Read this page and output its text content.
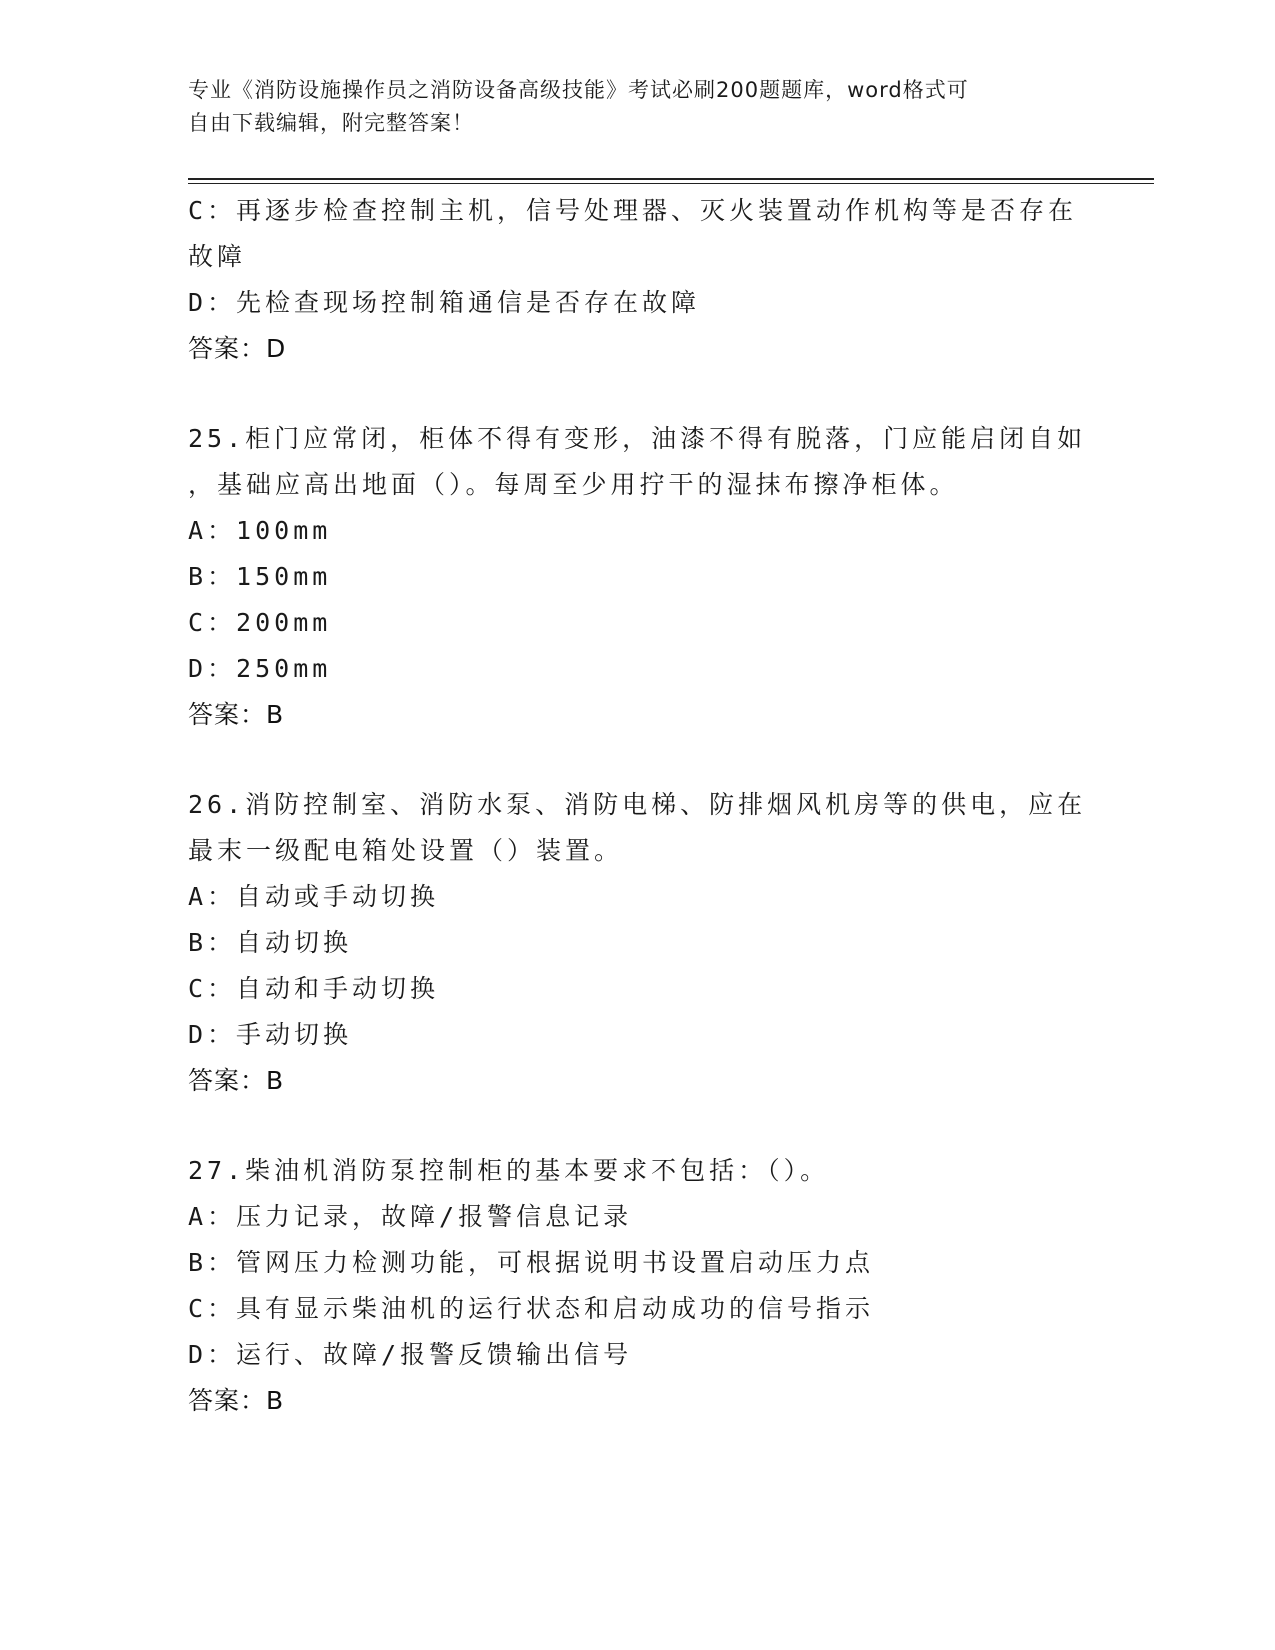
专业《消防设施操作员之消防设备高级技能》考试必刷200题题库，word格式可
自由下载编辑，附完整答案！
C：再逐步检查控制主机，信号处理器、灭火装置动作机构等是否存在
故障
D：先检查现场控制箱通信是否存在故障
答案：D
25.柜门应常闭，柜体不得有变形，油漆不得有脱落，门应能启闭自如
，基础应高出地面（）。每周至少用拧干的湿抹布擦净柜体。
A：100mm
B：150mm
C：200mm
D：250mm
答案：B
26.消防控制室、消防水泵、消防电梯、防排烟风机房等的供电，应在
最末一级配电箱处设置（）装置。
A：自动或手动切换
B：自动切换
C：自动和手动切换
D：手动切换
答案：B
27.柴油机消防泵控制柜的基本要求不包括：（）。
A：压力记录，故障/报警信息记录
B：管网压力检测功能，可根据说明书设置启动压力点
C：具有显示柴油机的运行状态和启动成功的信号指示
D：运行、故障/报警反馈输出信号
答案：B
